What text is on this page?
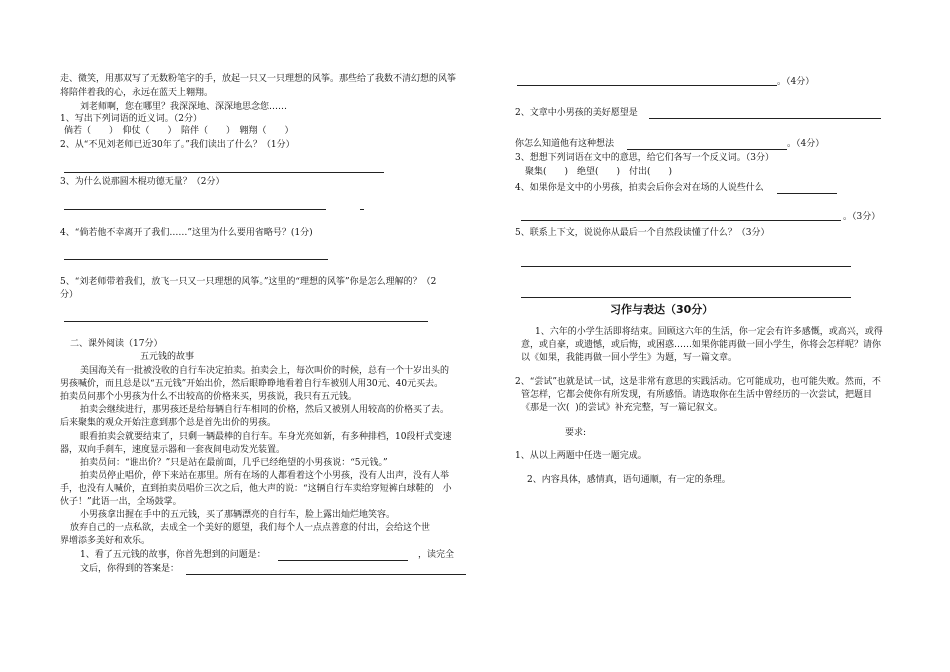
走、微笑，用那双写了无数粉笔字的手，放起一只又一只理想的风筝。那些给了我数不清幻想的风筝
将陪伴着我的心，永远在蓝天上翱翔。
刘老师啊，您在哪里？我深深地、深深地思念您……
1、写出下列词语的近义词。（2分）
倘若（　　）　仰仗（　　）　陪伴（　　）　翱翔（　　）
2、从“不见刘老师已近30年了。”我们读出了什么？（1分）
3、为什么说那圆木棍功德无量？（2分）
4、“倘若他不幸离开了我们……”这里为什么要用省略号？(1分)
5、“刘老师带着我们，放飞一只又一只理想的风筝。”这里的“理想的风筝”你是怎么理解的？（2
分）
二、课外阅读（17分）
五元钱的故事
美国海关有一批被没收的自行车决定拍卖。拍卖会上，每次叫价的时候，总有一个十岁出头的
男孩喊价，而且总是以“五元钱”开始出价，然后眼睁睁地看着自行车被别人用30元、40元买去。
拍卖员问那个小男孩为什么不出较高的价格来买，男孩说，我只有五元钱。
拍卖会继续进行，那男孩还是给每辆自行车相同的价格，然后又被别人用较高的价格买了去。
后来聚集的观众开始注意到那个总是首先出价的男孩。
眼看拍卖会就要结束了，只剩一辆最棒的自行车。车身光亮如新，有多种排档，10段杆式变速
器，双向手刹车，速度显示器和一套夜间电动发光装置。
拍卖员问：“谁出价？”只是站在最前面，几乎已经绝望的小男孩说：“5元钱。”
拍卖员停止唱价，停下来站在那里。所有在场的人都看着这个小男孩，没有人出声，没有人举
手，也没有人喊价，直到拍卖员唱价三次之后，他大声的说：“这辆自行车卖给穿短裤白球鞋的　小
伙子！”此语一出，全场鼓掌。
小男孩拿出握在手中的五元钱，买了那辆漂亮的自行车，脸上露出灿烂地笑容。
放弃自己的一点私欲，去成全一个美好的愿望，我们每个人一点点善意的付出，会给这个世
界增添多美好和欢乐。
1、看了五元钱的故事，你首先想到的问题是：	，读完全
文后，你得到的答案是：
。（4分）
2、文章中小男孩的美好愿望是
你怎么知道他有这种想法	。（4分）
3、想想下列词语在文中的意思，给它们各写一个反义词。（3分）
聚集(　　)　绝望(　　)　付出(　　)
4、如果你是文中的小男孩，拍卖会后你会对在场的人说些什么
。（3分）
5、联系上下文，说说你从最后一个自然段读懂了什么？（3分）
习作与表达（30分）
1、六年的小学生活即将结束。回顾这六年的生活，你一定会有许多感慨，或高兴，或得
意，或自豪，或遗憾，或后悔，或困惑……如果你能再做一回小学生，你将会怎样呢？请你
以《如果，我能再做一回小学生》为题，写一篇文章。
2、“尝试”也就是试一试，这是非常有意思的实践活动。它可能成功，也可能失败。然而，不
管怎样，它都会使你有所发现，有所感悟。请选取你在生活中曾经历的一次尝试，把题目
《那是一次(  )的尝试》补充完整，写一篇记叙文。
要求:
1、从以上两题中任选一题完成。
2、内容具体，感情真，语句通顺，有一定的条理。
